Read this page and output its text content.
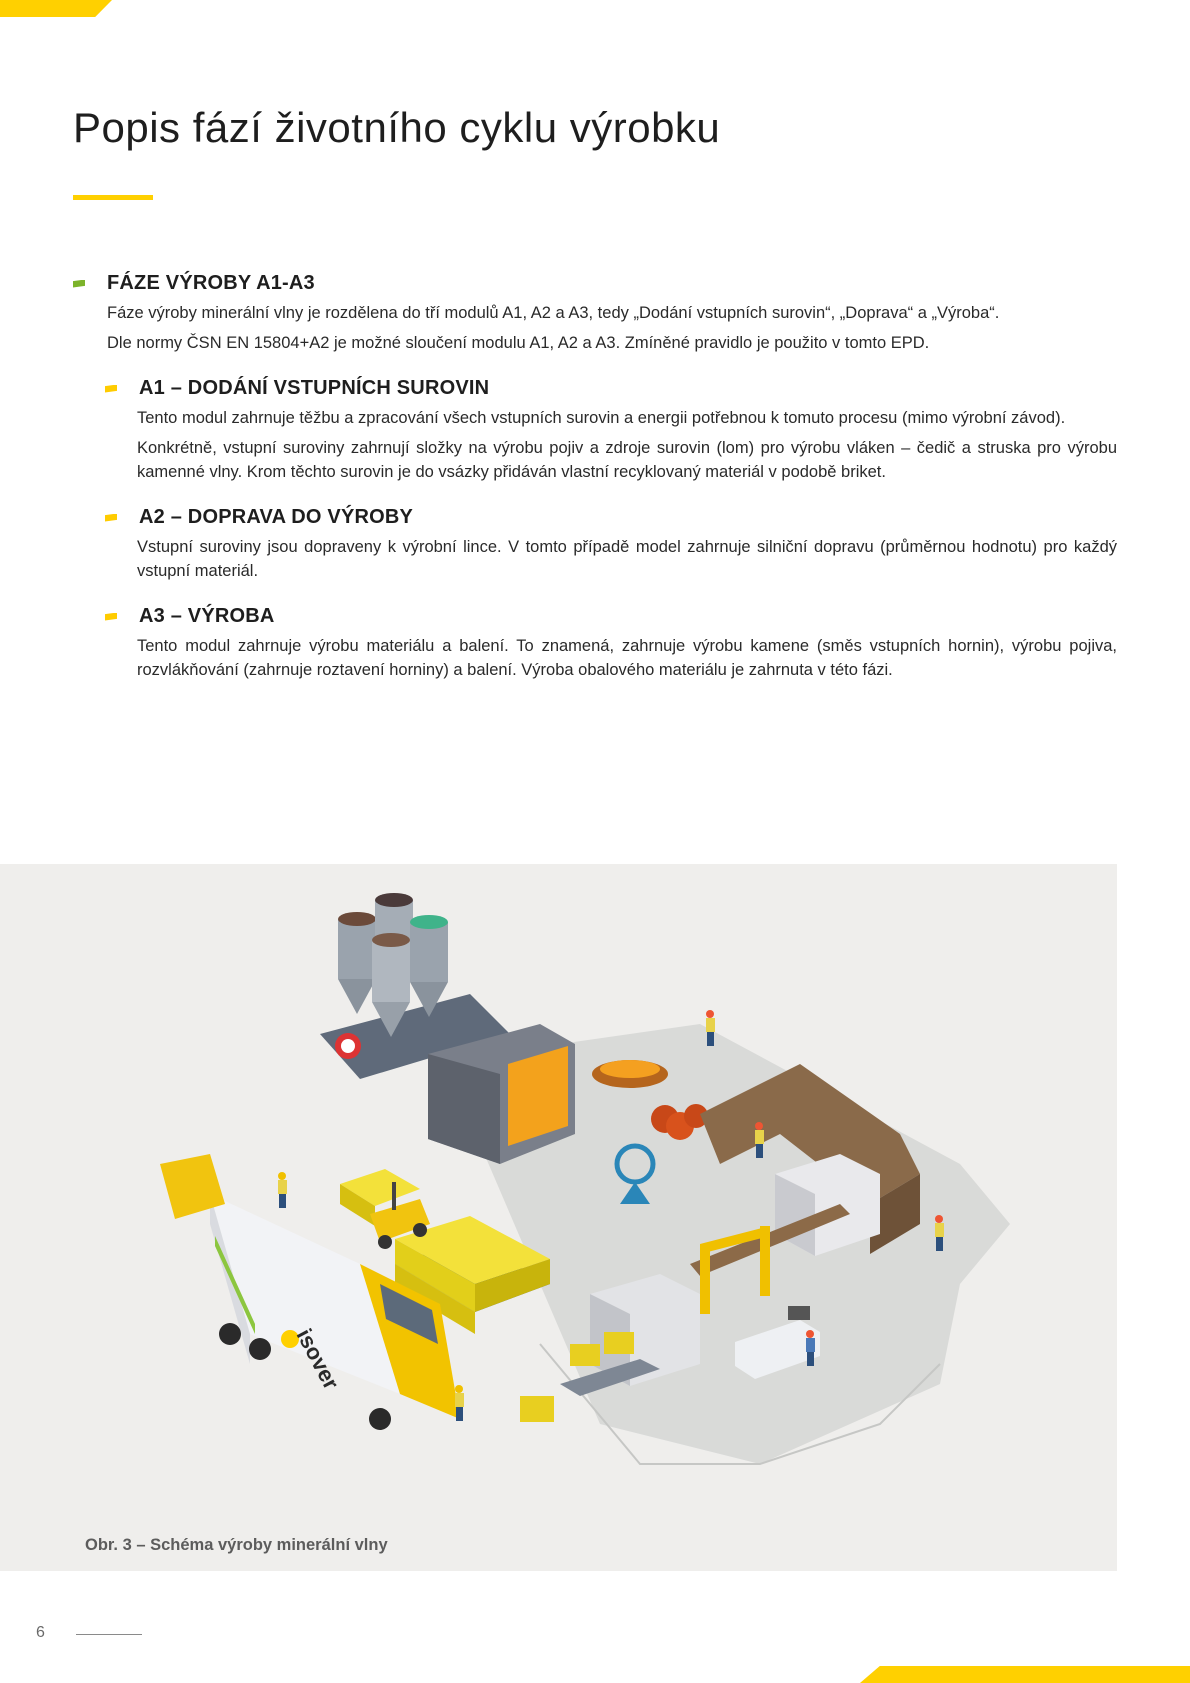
Popis fází životního cyklu výrobku
FÁZE VÝROBY A1-A3

Fáze výroby minerální vlny je rozdělena do tří modulů A1, A2 a A3, tedy „Dodání vstupních surovin“, „Doprava“ a „Výroba“.

Dle normy ČSN EN 15804+A2 je možné sloučení modulu A1, A2 a A3. Zmíněné pravidlo je použito v tomto EPD.

A1 – DODÁNÍ VSTUPNÍCH SUROVIN

Tento modul zahrnuje těžbu a zpracování všech vstupních surovin a energii potřebnou k tomuto procesu (mimo výrobní závod).

Konkrétně, vstupní suroviny zahrnují složky na výrobu pojiv a zdroje surovin (lom) pro výrobu vláken – čedič a struska pro výrobu kamenné vlny. Krom těchto surovin je do vsázky přidáván vlastní recyklovaný materiál v podobě briket.

A2 – DOPRAVA DO VÝROBY

Vstupní suroviny jsou dopraveny k výrobní lince. V tomto případě model zahrnuje silniční dopravu (průměrnou hodnotu) pro každý vstupní materiál.

A3 – VÝROBA

Tento modul zahrnuje výrobu materiálu a balení. To znamená, zahrnuje výrobu kamene (směs vstupních hornin), výrobu pojiva, rozvlákňování (zahrnuje roztavení horniny) a balení. Výroba obalového materiálu je zahrnuta v této fázi.

isover
Obr. 3 – Schéma výroby minerální vlny
6
